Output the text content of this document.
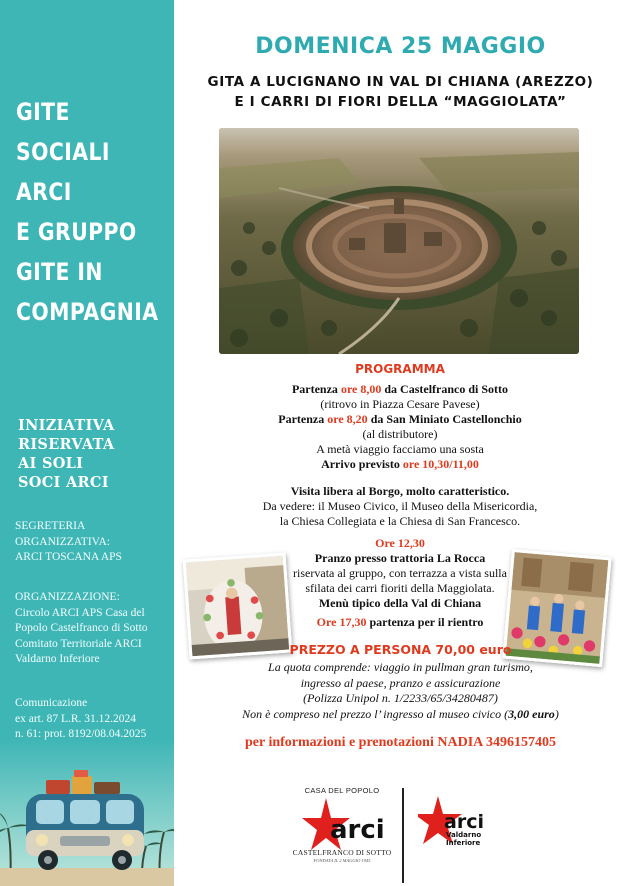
GITE
SOCIALI
ARCI
E GRUPPO
GITE IN
COMPAGNIA
INIZIATIVA
RISERVATA
AI SOLI
SOCI ARCI
SEGRETERIA
ORGANIZZATIVA:
ARCI TOSCANA APS
ORGANIZZAZIONE:
Circolo ARCI APS Casa del
Popolo Castelfranco di Sotto
Comitato Territoriale ARCI
Valdarno Inferiore
Comunicazione
ex art. 87 L.R. 31.12.2024
n. 61: prot. 8192/08.04.2025
DOMENICA 25 MAGGIO
GITA A LUCIGNANO IN VAL DI CHIANA (AREZZO)
E I CARRI DI FIORI DELLA “MAGGIOLATA”
PROGRAMMA
Partenza ore 8,00 da Castelfranco di Sotto
(ritrovo in Piazza Cesare Pavese)
Partenza ore 8,20 da San Miniato Castellonchio
(al distributore)
A metà viaggio facciamo una sosta
Arrivo previsto ore 10,30/11,00
Visita libera al Borgo, molto caratteristico.
Da vedere: il Museo Civico, il Museo della Misericordia,
la Chiesa Collegiata e la Chiesa di San Francesco.
Ore 12,30
Pranzo presso trattoria La Rocca
riservata al gruppo, con terrazza a vista sulla
sfilata dei carri fioriti della Maggiolata.
Menù tipico della Val di Chiana
Ore 17,30 partenza per il rientro
PREZZO A PERSONA 70,00 euro
La quota comprende: viaggio in pullman gran turismo,
ingresso al paese, pranzo e assicurazione
(Polizza Unipol n. 1/2233/65/34280487)
Non è compreso nel prezzo l’ ingresso al museo civico (3,00 euro)
per informazioni e prenotazioni NADIA 3496157405
CASA DEL POPOLO
arci
CASTELFRANCO DI SOTTO
FONDATA IL 2 MAGGIO 1945
arci
Valdarno
Inferiore
